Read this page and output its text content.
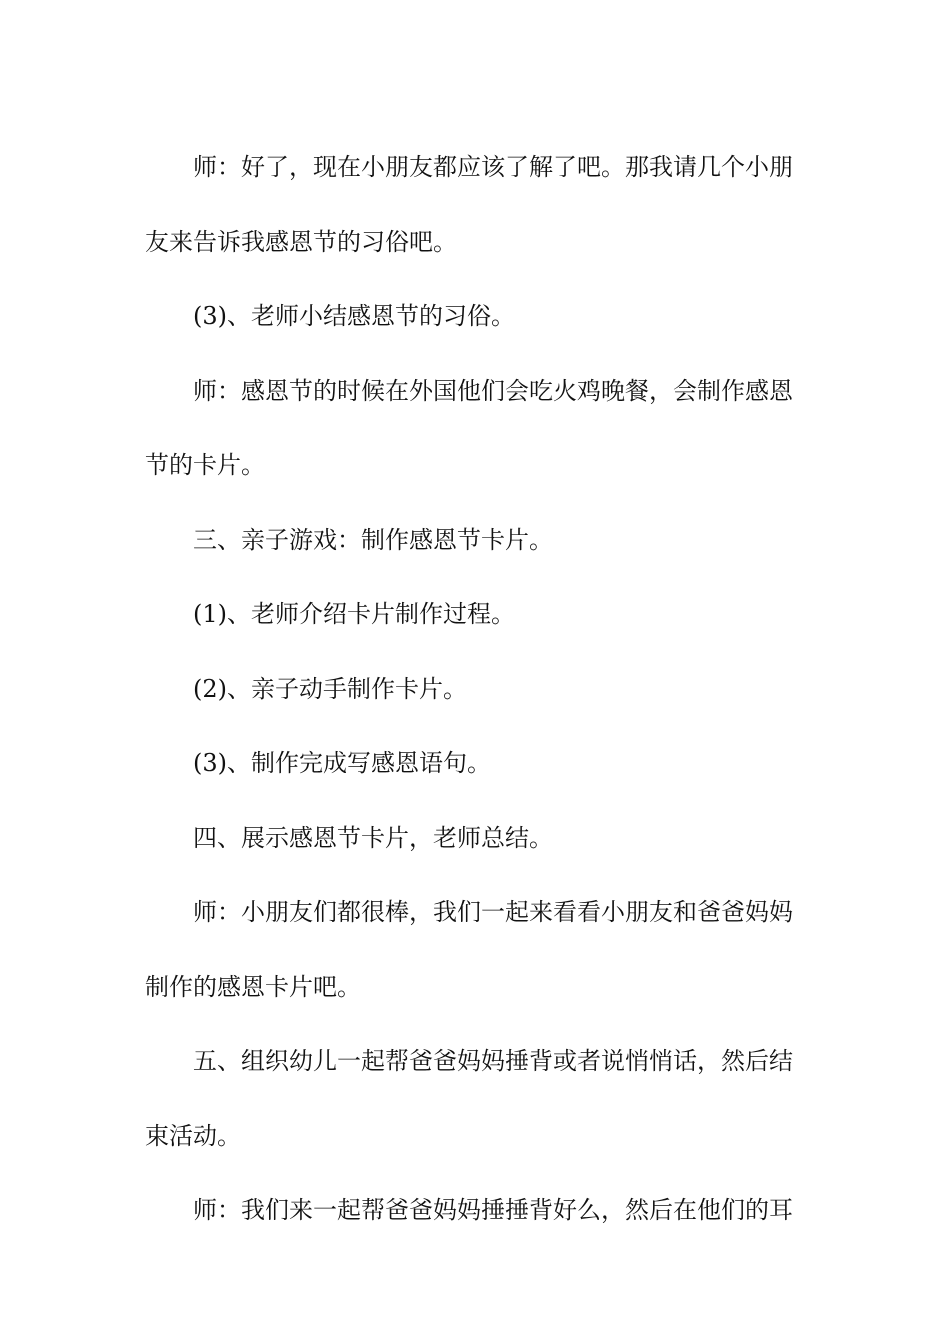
师：好了，现在小朋友都应该了解了吧。那我请几个小朋友来告诉我感恩节的习俗吧。

(3)、老师小结感恩节的习俗。

师：感恩节的时候在外国他们会吃火鸡晚餐，会制作感恩节的卡片。

三、亲子游戏：制作感恩节卡片。

(1)、老师介绍卡片制作过程。

(2)、亲子动手制作卡片。

(3)、制作完成写感恩语句。

四、展示感恩节卡片，老师总结。

师：小朋友们都很棒，我们一起来看看小朋友和爸爸妈妈制作的感恩卡片吧。

五、组织幼儿一起帮爸爸妈妈捶背或者说悄悄话，然后结束活动。

师：我们来一起帮爸爸妈妈捶捶背好么，然后在他们的耳
